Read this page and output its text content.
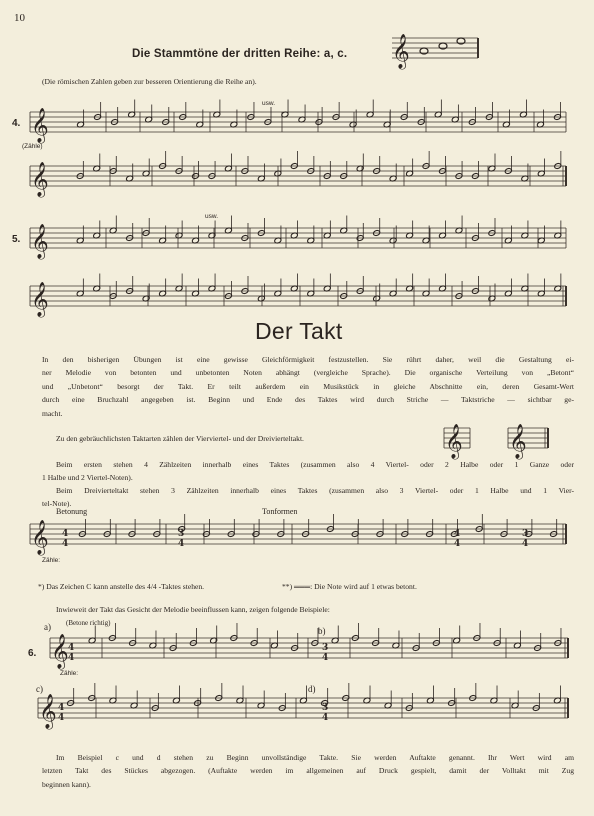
10
Die Stammtöne der dritten Reihe: a, c.
(Die römischen Zahlen geben zur besseren Orientierung die Reihe an).
𝄞
𝄞
𝄞
𝄞
𝄞
𝄞 𝄞
𝄞
𝄞
𝄞
4
4
3
4
4
4
3
4
4
4
3
4
4
4
3
4
4.
(Zähle)
usw.
5.
usw.
Der Takt
In den bisherigen Übungen ist eine gewisse Gleichförmigkeit festzustellen. Sie rührt daher, weil die Gestaltung ei-
ner Melodie von betonten und unbetonten Noten abhängt (vergleiche Sprache). Die organische Verteilung von „Betont“
und „Unbetont“ besorgt der Takt. Er teilt außerdem ein Musikstück in gleiche Abschnitte ein, deren Gesamt-Wert
durch eine Bruchzahl angegeben ist. Beginn und Ende des Taktes wird durch Striche — Taktstriche — sichtbar ge-
macht.
Zu den gebräuchlichsten Taktarten zählen der Vierviertel- und der Dreivierteltakt.
Beim ersten stehen 4 Zählzeiten innerhalb eines Taktes (zusammen also 4 Viertel- oder 2 Halbe oder 1 Ganze oder
1 Halbe und 2 Viertel-Noten).
Beim Dreivierteltakt stehen 3 Zählzeiten innerhalb eines Taktes (zusammen also 3 Viertel- oder 1 Halbe und 1 Vier-
tel-Note).
Betonung	Tonformen
Zähle:
*) Das Zeichen C kann anstelle des 4/4 -Taktes stehen.	**) ═══: Die Note wird auf 1 etwas betont.
Inwieweit der Takt das Gesicht der Melodie beeinflussen kann, zeigen folgende Beispiele:
a) (Betone richtig)
b)
6.
Zähle:
c)	d)
Im Beispiel c und d stehen zu Beginn unvollständige Takte. Sie werden Auftakte genannt. Ihr Wert wird am
letzten Takt des Stückes abgezogen. (Auftakte werden im allgemeinen auf Druck gespielt, damit der Volltakt mit Zug
beginnen kann).
